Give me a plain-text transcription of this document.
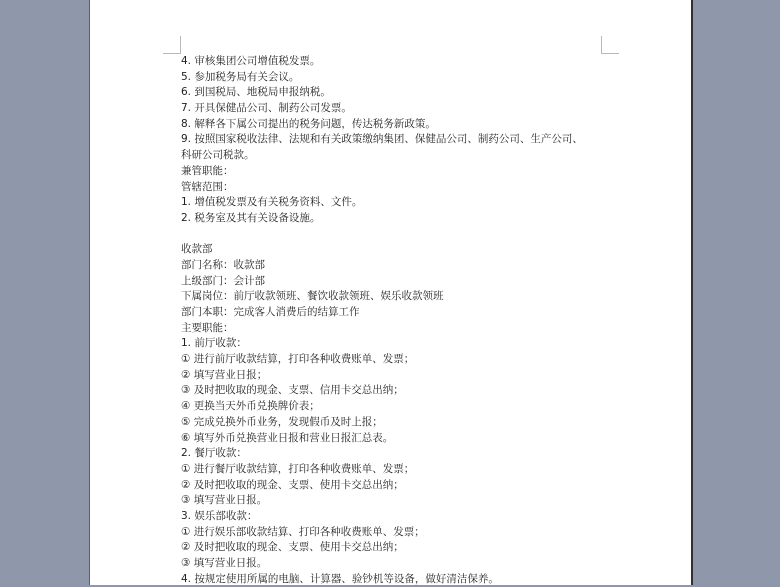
4. 审核集团公司增值税发票。
5. 参加税务局有关会议。
6. 到国税局、地税局申报纳税。
7. 开具保健品公司、制药公司发票。
8. 解释各下属公司提出的税务问题，传达税务新政策。
9. 按照国家税收法律、法规和有关政策缴纳集团、保健品公司、制药公司、生产公司、
科研公司税款。
兼管职能：
管辖范围：
1. 增值税发票及有关税务资料、文件。
2. 税务室及其有关设备设施。
收款部
部门名称：收款部
上级部门：会计部
下属岗位：前厅收款领班、餐饮收款领班、娱乐收款领班
部门本职：完成客人消费后的结算工作
主要职能：
1. 前厅收款：
① 进行前厅收款结算，打印各种收费账单、发票；
② 填写营业日报；
③ 及时把收取的现金、支票、信用卡交总出纳；
④ 更换当天外币兑换牌价表；
⑤ 完成兑换外币业务，发现假币及时上报；
⑥ 填写外币兑换营业日报和营业日报汇总表。
2. 餐厅收款：
① 进行餐厅收款结算，打印各种收费账单、发票；
② 及时把收取的现金、支票、使用卡交总出纳；
③ 填写营业日报。
3. 娱乐部收款：
① 进行娱乐部收款结算、打印各种收费账单、发票；
② 及时把收取的现金、支票、使用卡交总出纳；
③ 填写营业日报。
4. 按规定使用所属的电脑、计算器、验钞机等设备，做好清洁保养。
